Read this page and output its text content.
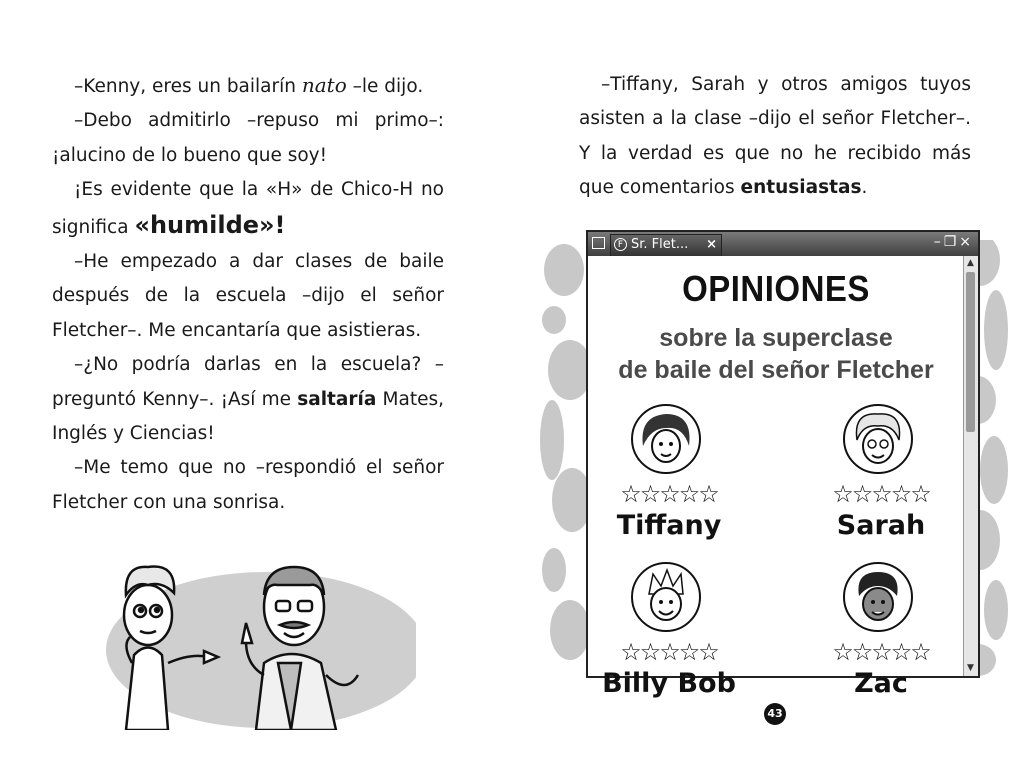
–Kenny, eres un bailarín nato –le dijo.

–Debo admitirlo –repuso mi primo–: ¡alucino de lo bueno que soy!

¡Es evidente que la «H» de Chico-H no significa «humilde»!

–He empezado a dar clases de baile después de la escuela –dijo el señor Fletcher–. Me encantaría que asistieras.

–¿No podría darlas en la escuela? –preguntó Kenny–. ¡Así me saltaría Mates, Inglés y Ciencias!

–Me temo que no –respondió el señor Fletcher con una sonrisa.

–Tiffany, Sarah y otros amigos tuyos asisten a la clase –dijo el señor Fletcher–. Y la verdad es que no he recibido más que comentarios entusiastas.

F Sr. Flet... ×	–❐×
OPINIONES
sobre la superclase
de baile del señor Fletcher
☆☆☆☆☆
Tiffany
☆☆☆☆☆
Sarah
☆☆☆☆☆
Billy Bob
☆☆☆☆☆
Zac
▲
▼
43
